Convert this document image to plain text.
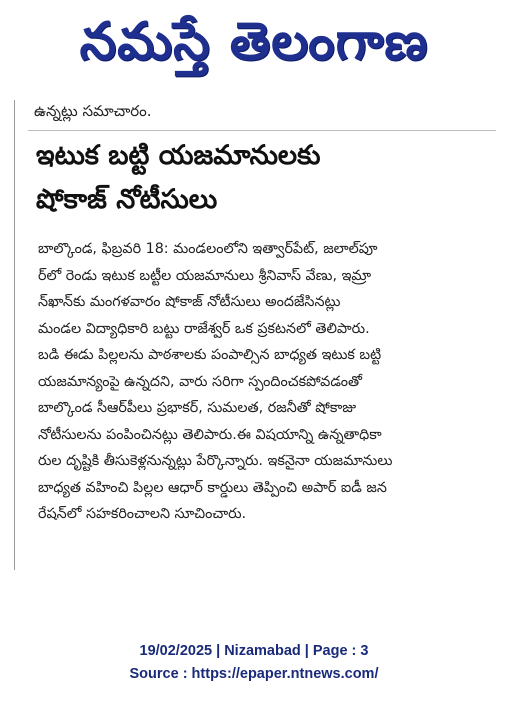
నమస్తే తెలంగాణ
ఉన్నట్లు సమాచారం.
ఇటుక బట్టి యజమానులకు
షోకాజ్ నోటీసులు

బాల్కొండ, ఫిబ్రవరి 18: మండలంలోని ఇత్వార్‌పేట్, జలాల్‌పూ

ర్‌లో రెండు ఇటుక బట్టీల యజమానులు శ్రీనివాస్ వేణు, ఇమ్రా

న్‌ఖాన్‌కు మంగళవారం షోకాజ్ నోటీసులు అందజేసినట్లు

మండల విద్యాధికారి బట్టు రాజేశ్వర్ ఒక ప్రకటనలో తెలిపారు.

బడి ఈడు పిల్లలను పాఠశాలకు పంపాల్సిన బాధ్యత ఇటుక బట్టి

యజమాన్యంపై ఉన్నదని, వారు సరిగా స్పందించకపోవడంతో

బాల్కొండ సీఆర్‌పీలు ప్రభాకర్, సుమలత, రజనీతో షోకాజు

నోటీసులను పంపించినట్లు తెలిపారు.ఈ విషయాన్ని ఉన్నతాధికా

రుల దృష్టికి తీసుకెళ్లనున్నట్లు పేర్కొన్నారు. ఇకనైనా యజమానులు

బాధ్యత వహించి పిల్లల ఆధార్ కార్డులు తెప్పించి అపార్ ఐడీ జన

రేషన్‌లో సహకరించాలని సూచించారు.

19/02/2025 | Nizamabad | Page : 3
Source : https://epaper.ntnews.com/
